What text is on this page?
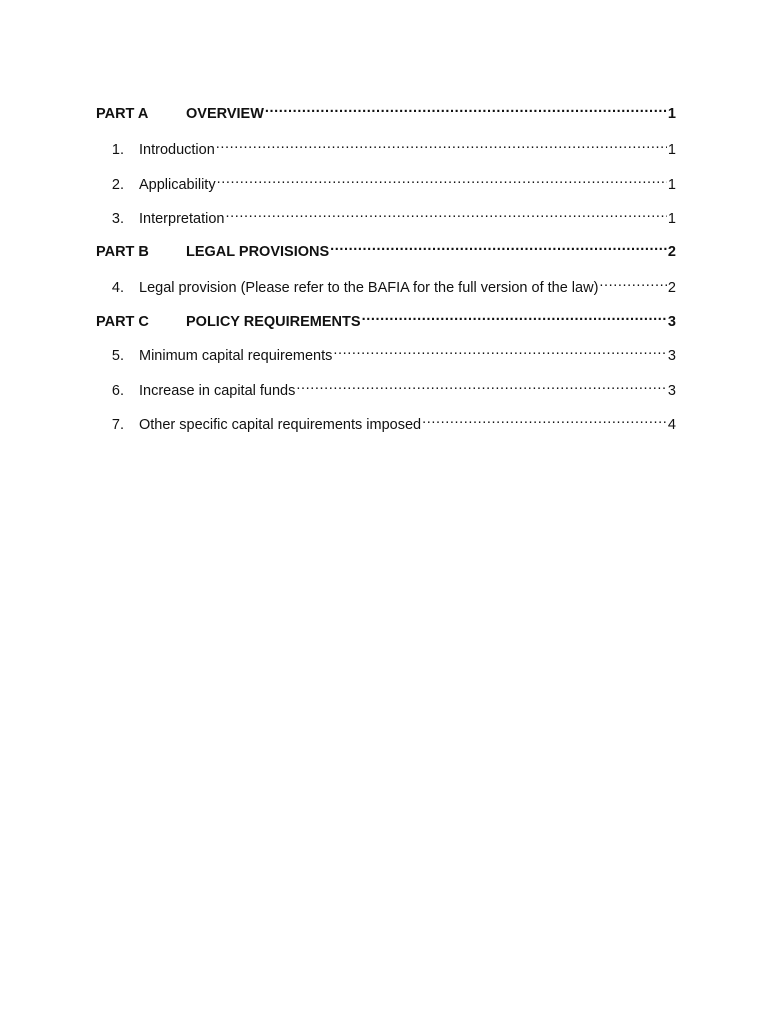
PART A	OVERVIEW .....	1
1.	Introduction .....	1
2.	Applicability .....	1
3.	Interpretation .....	1
PART B	LEGAL PROVISIONS .....	2
4.	Legal provision (Please refer to the BAFIA for the full version of the law) .....	2
PART C	POLICY REQUIREMENTS .....	3
5.	Minimum capital requirements .....	3
6.	Increase in capital funds .....	3
7.	Other specific capital requirements imposed .....	4
